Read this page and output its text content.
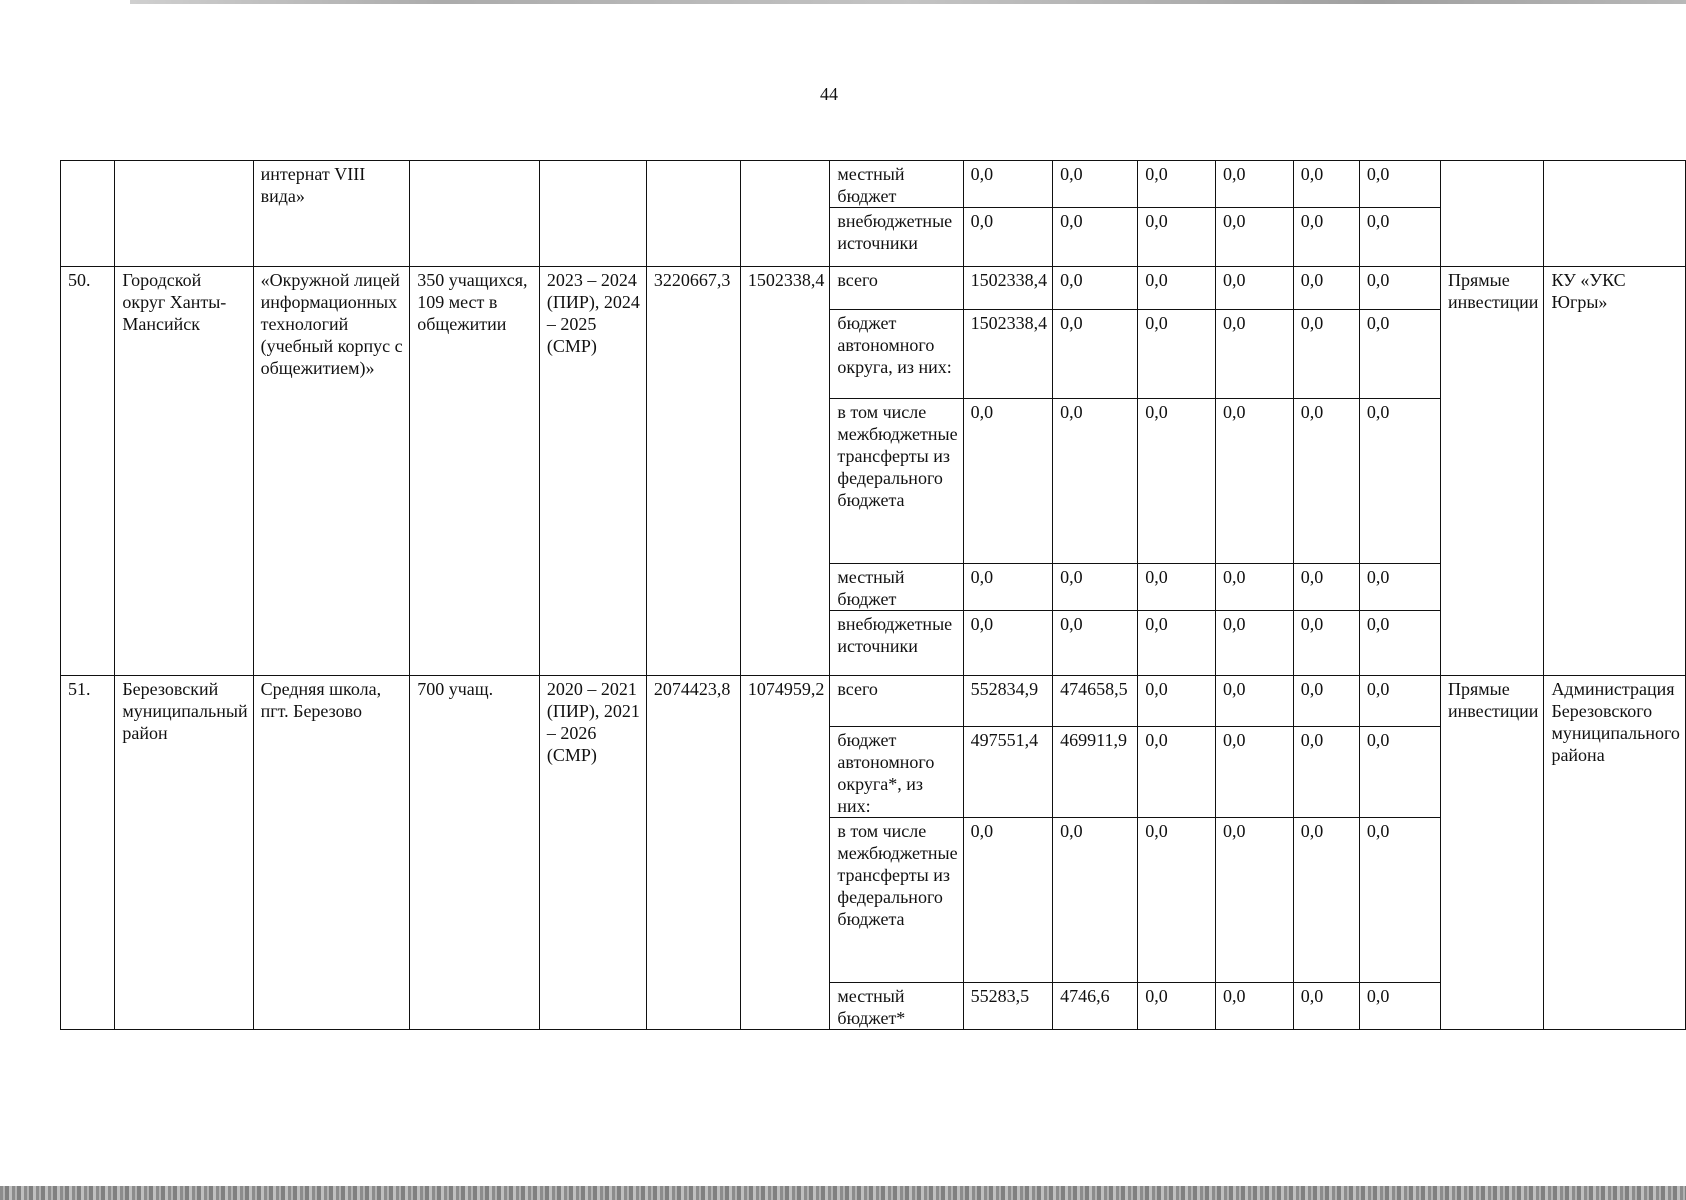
44
		интернат VIII вида»					местный бюджет	0,0	0,0	0,0	0,0	0,0	0,0		
							внебюджетные источники	0,0	0,0	0,0	0,0	0,0	0,0		
50.	Городской округ Ханты-Мансийск	«Окружной лицей информационных технологий (учебный корпус с общежитием)»	350 учащихся, 109 мест в общежитии	2023 – 2024 (ПИР), 2024 – 2025 (СМР)	3220667,3	1502338,4	всего	1502338,4	0,0	0,0	0,0	0,0	0,0	Прямые инвестиции	КУ «УКС Югры»
							бюджет автономного округа, из них:	1502338,4	0,0	0,0	0,0	0,0	0,0		
							в том числе межбюджетные трансферты из федерального бюджета	0,0	0,0	0,0	0,0	0,0	0,0		
							местный бюджет	0,0	0,0	0,0	0,0	0,0	0,0		
							внебюджетные источники	0,0	0,0	0,0	0,0	0,0	0,0		
51.	Березовский муниципальный район	Средняя школа, пгт. Березово	700 учащ.	2020 – 2021 (ПИР), 2021 – 2026 (СМР)	2074423,8	1074959,2	всего	552834,9	474658,5	0,0	0,0	0,0	0,0	Прямые инвестиции	Администрация Березовского муниципального района
							бюджет автономного округа*, из них:	497551,4	469911,9	0,0	0,0	0,0	0,0		
							в том числе межбюджетные трансферты из федерального бюджета	0,0	0,0	0,0	0,0	0,0	0,0		
							местный бюджет*	55283,5	4746,6	0,0	0,0	0,0	0,0		
